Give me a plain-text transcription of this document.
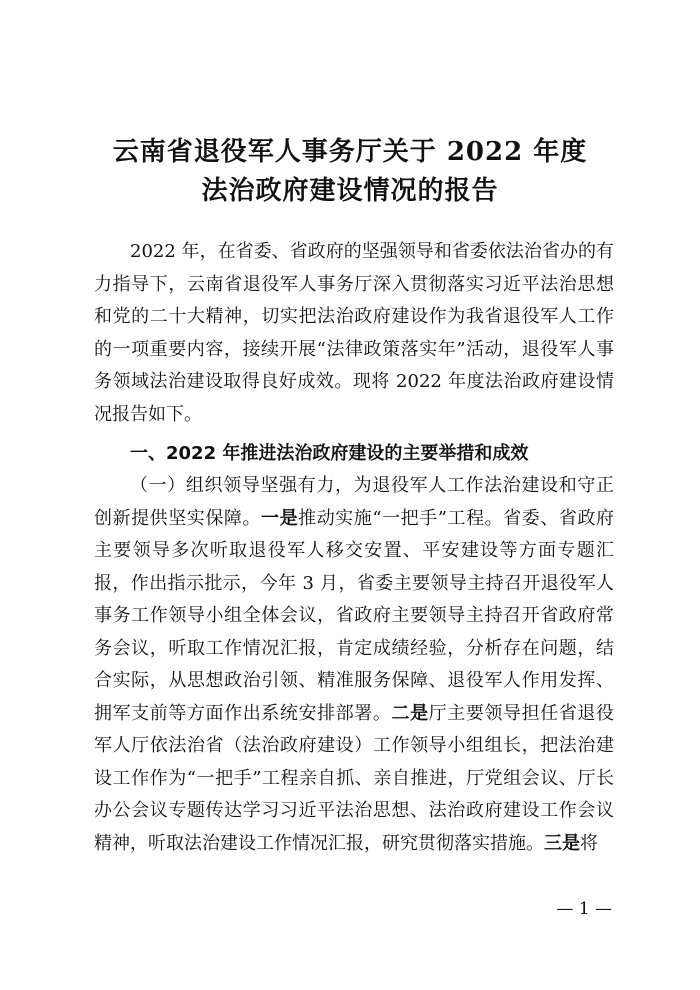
云南省退役军人事务厅关于 2022 年度
法治政府建设情况的报告

2022 年，在省委、省政府的坚强领导和省委依法治省办的有力指导下，云南省退役军人事务厅深入贯彻落实习近平法治思想和党的二十大精神，切实把法治政府建设作为我省退役军人工作的一项重要内容，接续开展“法律政策落实年”活动，退役军人事务领域法治建设取得良好成效。现将 2022 年度法治政府建设情况报告如下。

一、2022 年推进法治政府建设的主要举措和成效

（一）组织领导坚强有力，为退役军人工作法治建设和守正创新提供坚实保障。一是推动实施“一把手”工程。省委、省政府主要领导多次听取退役军人移交安置、平安建设等方面专题汇报，作出指示批示，今年 3 月，省委主要领导主持召开退役军人事务工作领导小组全体会议，省政府主要领导主持召开省政府常务会议，听取工作情况汇报，肯定成绩经验，分析存在问题，结合实际，从思想政治引领、精准服务保障、退役军人作用发挥、拥军支前等方面作出系统安排部署。二是厅主要领导担任省退役军人厅依法治省（法治政府建设）工作领导小组组长，把法治建设工作作为“一把手”工程亲自抓、亲自推进，厅党组会议、厅长办公会议专题传达学习习近平法治思想、法治政府建设工作会议精神，听取法治建设工作情况汇报，研究贯彻落实措施。三是将

— 1 —
